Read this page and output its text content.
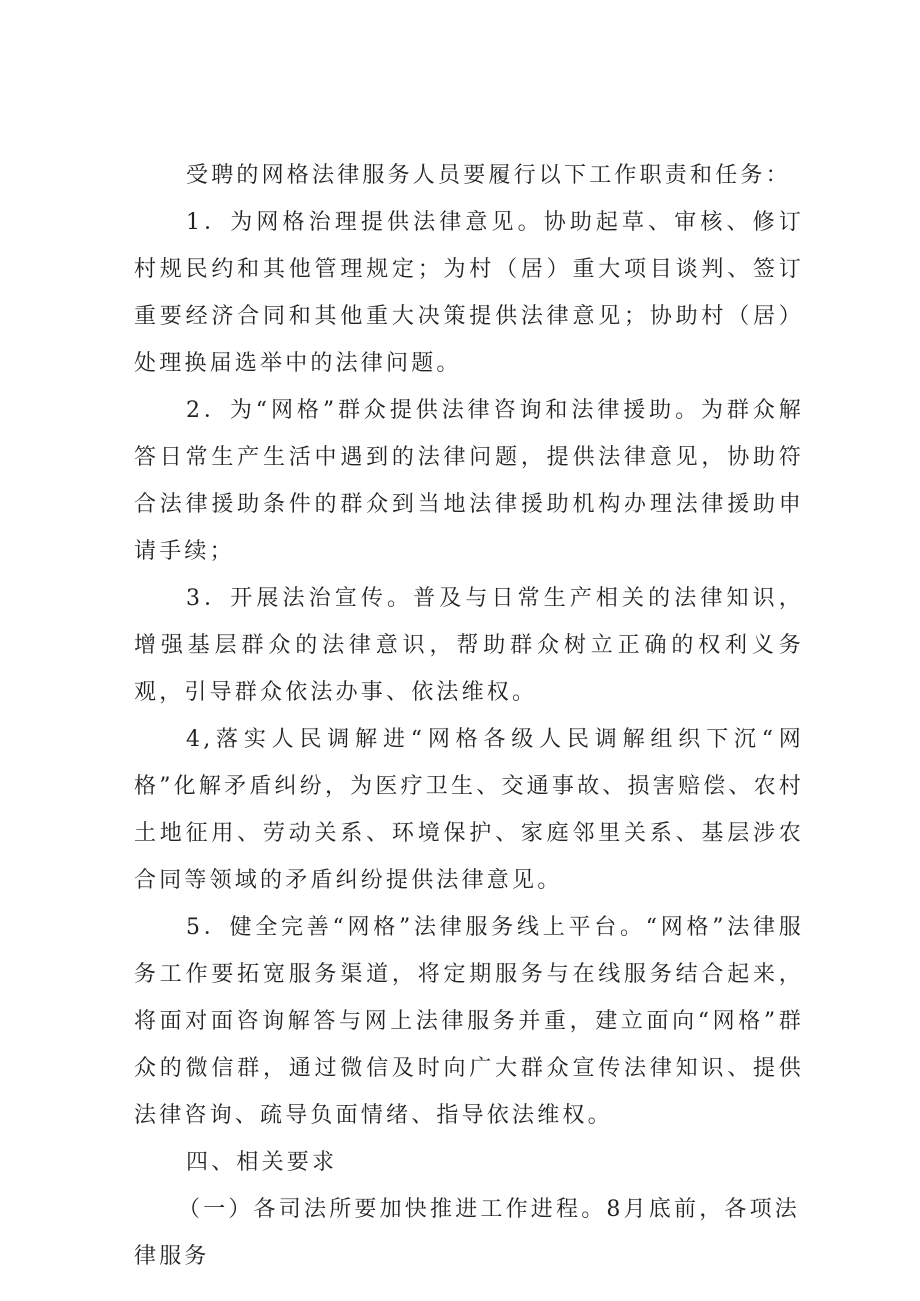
受聘的网格法律服务人员要履行以下工作职责和任务：

1．为网格治理提供法律意见。协助起草、审核、修订村规民约和其他管理规定；为村（居）重大项目谈判、签订重要经济合同和其他重大决策提供法律意见；协助村（居）处理换届选举中的法律问题。

2．为“网格”群众提供法律咨询和法律援助。为群众解答日常生产生活中遇到的法律问题，提供法律意见，协助符合法律援助条件的群众到当地法律援助机构办理法律援助申请手续；

3．开展法治宣传。普及与日常生产相关的法律知识，增强基层群众的法律意识，帮助群众树立正确的权利义务观，引导群众依法办事、依法维权。

4,落实人民调解进“网格各级人民调解组织下沉“网格”化解矛盾纠纷，为医疗卫生、交通事故、损害赔偿、农村土地征用、劳动关系、环境保护、家庭邻里关系、基层涉农合同等领域的矛盾纠纷提供法律意见。

5．健全完善“网格”法律服务线上平台。“网格”法律服务工作要拓宽服务渠道，将定期服务与在线服务结合起来，将面对面咨询解答与网上法律服务并重，建立面向“网格”群众的微信群，通过微信及时向广大群众宣传法律知识、提供法律咨询、疏导负面情绪、指导依法维权。

四、相关要求

（一）各司法所要加快推进工作进程。8月底前，各项法律服务
